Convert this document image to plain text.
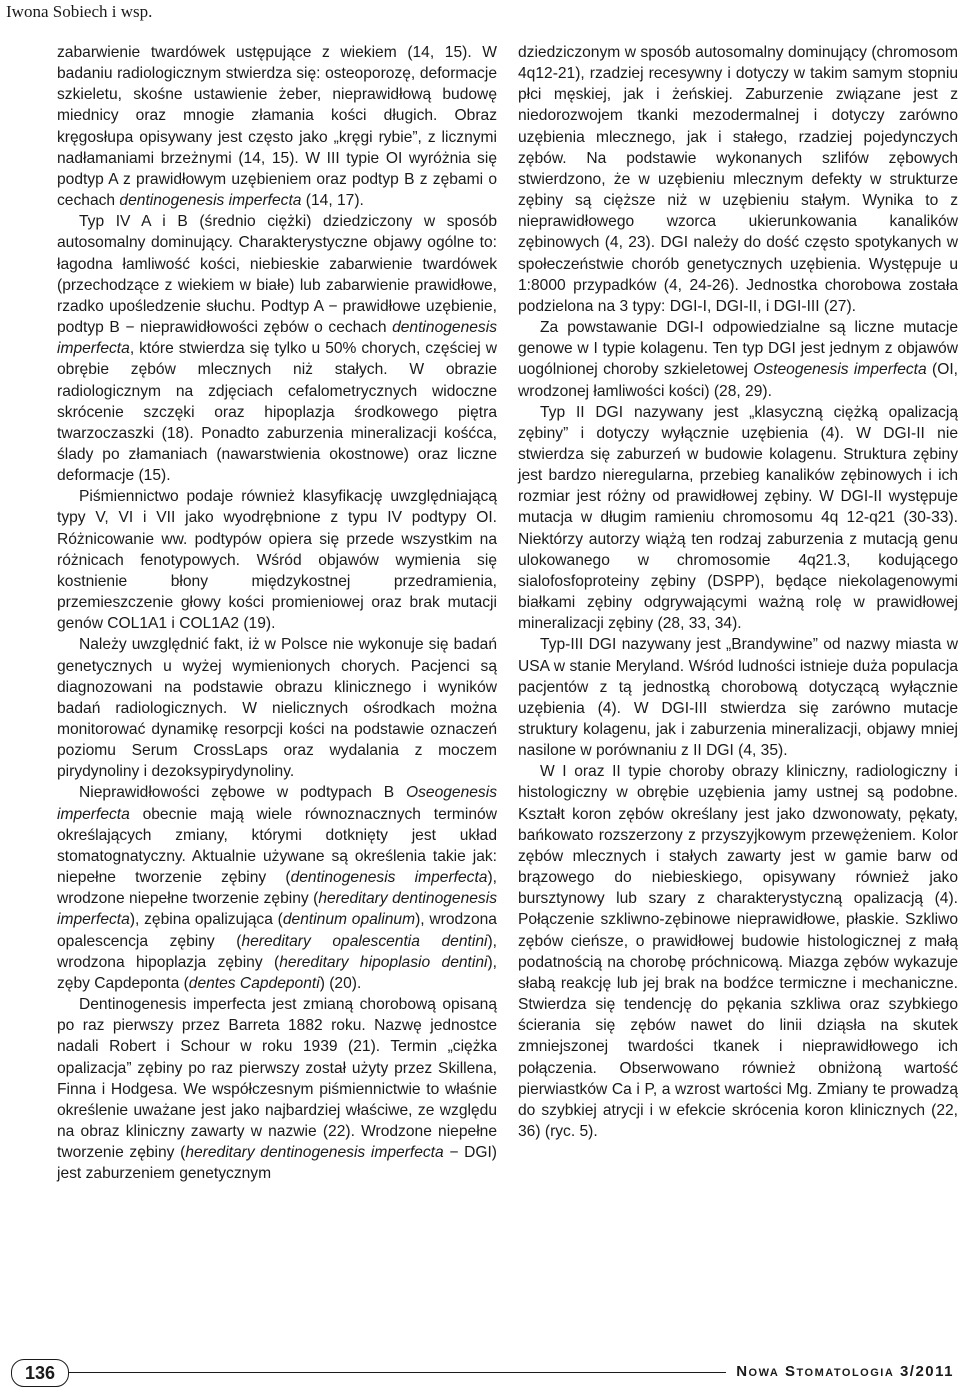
Iwona Sobiech i wsp.

zabarwienie twardówek ustępujące z wiekiem (14, 15). W badaniu radiologicznym stwierdza się: osteoporozę, deformacje szkieletu, skośne ustawienie żeber, nieprawidłową budowę miednicy oraz mnogie złamania kości długich. Obraz kręgosłupa opisywany jest często jako „kręgi rybie”, z licznymi nadłamaniami brzeżnymi (14, 15). W III typie OI wyróżnia się podtyp A z prawidłowym uzębieniem oraz podtyp B z zębami o cechach dentinogenesis imperfecta (14, 17).

Typ IV A i B (średnio ciężki) dziedziczony w sposób autosomalny dominujący. Charakterystyczne objawy ogólne to: łagodna łamliwość kości, niebieskie zabarwienie twardówek (przechodzące z wiekiem w białe) lub zabarwienie prawidłowe, rzadko upośledzenie słuchu. Podtyp A − prawidłowe uzębienie, podtyp B − nieprawidłowości zębów o cechach dentinogenesis imperfecta, które stwierdza się tylko u 50% chorych, częściej w obrębie zębów mlecznych niż stałych. W obrazie radiologicznym na zdjęciach cefalometrycznych widoczne skrócenie szczęki oraz hipoplazja środkowego piętra twarzoczaszki (18). Ponadto zaburzenia mineralizacji kośćca, ślady po złamaniach (nawarstwienia okostnowe) oraz liczne deformacje (15).

Piśmiennictwo podaje również klasyfikację uwzględniającą typy V, VI i VII jako wyodrębnione z typu IV podtypy OI. Różnicowanie ww. podtypów opiera się przede wszystkim na różnicach fenotypowych. Wśród objawów wymienia się kostnienie błony międzykostnej przedramienia, przemieszczenie głowy kości promieniowej oraz brak mutacji genów COL1A1 i COL1A2 (19).

Należy uwzględnić fakt, iż w Polsce nie wykonuje się badań genetycznych u wyżej wymienionych chorych. Pacjenci są diagnozowani na podstawie obrazu klinicznego i wyników badań radiologicznych. W nielicznych ośrodkach można monitorować dynamikę resorpcji kości na podstawie oznaczeń poziomu Serum CrossLaps oraz wydalania z moczem pirydynoliny i dezoksypirydynoliny.

Nieprawidłowości zębowe w podtypach B Oseogenesis imperfecta obecnie mają wiele równoznacznych terminów określających zmiany, którymi dotknięty jest układ stomatognatyczny. Aktualnie używane są określenia takie jak: niepełne tworzenie zębiny (dentinogenesis imperfecta), wrodzone niepełne tworzenie zębiny (hereditary dentinogenesis imperfecta), zębina opalizująca (dentinum opalinum), wrodzona opalescencja zębiny (hereditary opalescentia dentini), wrodzona hipoplazja zębiny (hereditary hipoplasio dentini), zęby Capdeponta (dentes Capdeponti) (20).

Dentinogenesis imperfecta jest zmianą chorobową opisaną po raz pierwszy przez Barreta 1882 roku. Nazwę jednostce nadali Robert i Schour w roku 1939 (21). Termin „ciężka opalizacja” zębiny po raz pierwszy został użyty przez Skillena, Finna i Hodgesa. We współczesnym piśmiennictwie to właśnie określenie uważane jest jako najbardziej właściwe, ze względu na obraz kliniczny zawarty w nazwie (22). Wrodzone niepełne tworzenie zębiny (hereditary dentinogenesis imperfecta − DGI) jest zaburzeniem genetycznym

dziedziczonym w sposób autosomalny dominujący (chromosom 4q12-21), rzadziej recesywny i dotyczy w takim samym stopniu płci męskiej, jak i żeńskiej. Zaburzenie związane jest z niedorozwojem tkanki mezodermalnej i dotyczy zarówno uzębienia mlecznego, jak i stałego, rzadziej pojedynczych zębów. Na podstawie wykonanych szlifów zębowych stwierdzono, że w uzębieniu mlecznym defekty w strukturze zębiny są cięższe niż w uzębieniu stałym. Wynika to z nieprawidłowego wzorca ukierunkowania kanalików zębinowych (4, 23). DGI należy do dość często spotykanych w społeczeństwie chorób genetycznych uzębienia. Występuje u 1:8000 przypadków (4, 24-26). Jednostka chorobowa została podzielona na 3 typy: DGI-I, DGI-II, i DGI-III (27).

Za powstawanie DGI-I odpowiedzialne są liczne mutacje genowe w I typie kolagenu. Ten typ DGI jest jednym z objawów uogólnionej choroby szkieletowej Osteogenesis imperfecta (OI, wrodzonej łamliwości kości) (28, 29).

Typ II DGI nazywany jest „klasyczną ciężką opalizacją zębiny” i dotyczy wyłącznie uzębienia (4). W DGI-II nie stwierdza się zaburzeń w budowie kolagenu. Struktura zębiny jest bardzo nieregularna, przebieg kanalików zębinowych i ich rozmiar jest różny od prawidłowej zębiny. W DGI-II występuje mutacja w długim ramieniu chromosomu 4q 12-q21 (30-33). Niektórzy autorzy wiążą ten rodzaj zaburzenia z mutacją genu ulokowanego w chromosomie 4q21.3, kodującego sialofosfoproteiny zębiny (DSPP), będące niekolagenowymi białkami zębiny odgrywającymi ważną rolę w prawidłowej mineralizacji zębiny (28, 33, 34).

Typ-III DGI nazywany jest „Brandywine” od nazwy miasta w USA w stanie Meryland. Wśród ludności istnieje duża populacja pacjentów z tą jednostką chorobową dotyczącą wyłącznie uzębienia (4). W DGI-III stwierdza się zarówno mutacje struktury kolagenu, jak i zaburzenia mineralizacji, objawy mniej nasilone w porównaniu z II DGI (4, 35).

W I oraz II typie choroby obrazy kliniczny, radiologiczny i histologiczny w obrębie uzębienia jamy ustnej są podobne. Kształt koron zębów określany jest jako dzwonowaty, pękaty, bańkowato rozszerzony z przyszyjkowym przewężeniem. Kolor zębów mlecznych i stałych zawarty jest w gamie barw od brązowego do niebieskiego, opisywany również jako bursztynowy lub szary z charakterystyczną opalizacją (4). Połączenie szkliwno-zębinowe nieprawidłowe, płaskie. Szkliwo zębów cieńsze, o prawidłowej budowie histologicznej z małą podatnością na chorobę próchnicową. Miazga zębów wykazuje słabą reakcję lub jej brak na bodźce termiczne i mechaniczne. Stwierdza się tendencję do pękania szkliwa oraz szybkiego ścierania się zębów nawet do linii dziąsła na skutek zmniejszonej twardości tkanek i nieprawidłowego ich połączenia. Obserwowano również obniżoną wartość pierwiastków Ca i P, a wzrost wartości Mg. Zmiany te prowadzą do szybkiej atrycji i w efekcie skrócenia koron klinicznych (22, 36) (ryc. 5).

136	Nowa Stomatologia 3/2011
